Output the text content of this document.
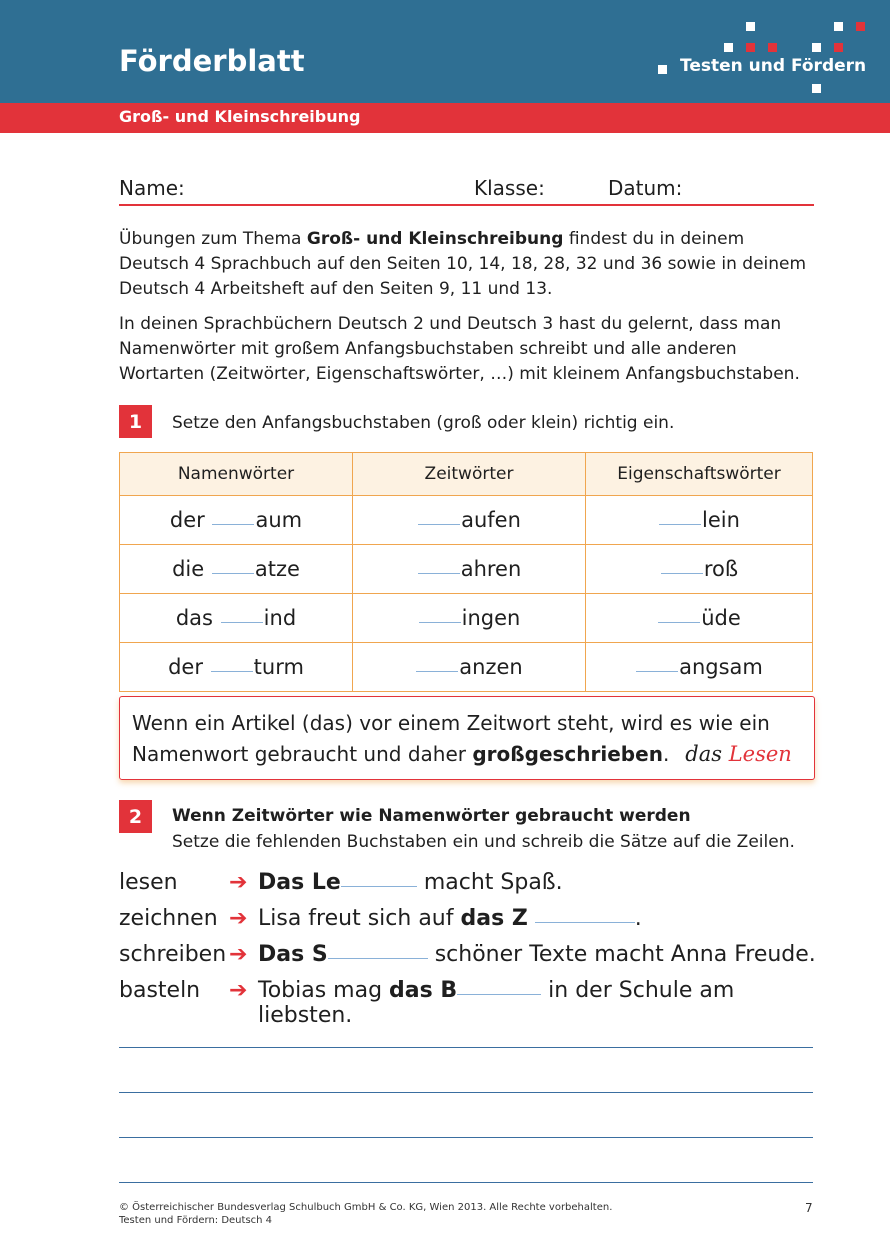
Förderblatt
Groß- und Kleinschreibung
Testen und Fördern
Name:	Klasse:	Datum:
Übungen zum Thema Groß- und Kleinschreibung findest du in deinem Deutsch 4 Sprachbuch auf den Seiten 10, 14, 18, 28, 32 und 36 sowie in deinem Deutsch 4 Arbeitsheft auf den Seiten 9, 11 und 13.
In deinen Sprachbüchern Deutsch 2 und Deutsch 3 hast du gelernt, dass man Namenwörter mit großem Anfangsbuchstaben schreibt und alle anderen Wortarten (Zeitwörter, Eigenschaftswörter, …) mit kleinem Anfangsbuchstaben.
1	Setze den Anfangsbuchstaben (groß oder klein) richtig ein.
Namenwörter	Zeitwörter	Eigenschaftswörter
der aum	aufen	lein
die atze	ahren	roß
das ind	ingen	üde
der turm	anzen	angsam
Wenn ein Artikel (das) vor einem Zeitwort steht, wird es wie ein
Namenwort gebraucht und daher großgeschrieben. das Lesen
2	Wenn Zeitwörter wie Namenwörter gebraucht werden
Setze die fehlenden Buchstaben ein und schreib die Sätze auf die Zeilen.
lesen ➔ Das Le	macht Spaß.
zeichnen ➔ Lisa freut sich auf das Z	.
schreiben ➔ Das S	schöner Texte macht Anna Freude.
basteln ➔ Tobias mag das B	in der Schule am liebsten.
© Österreichischer Bundesverlag Schulbuch GmbH & Co. KG, Wien 2013. Alle Rechte vorbehalten.
Testen und Fördern: Deutsch 4
7
